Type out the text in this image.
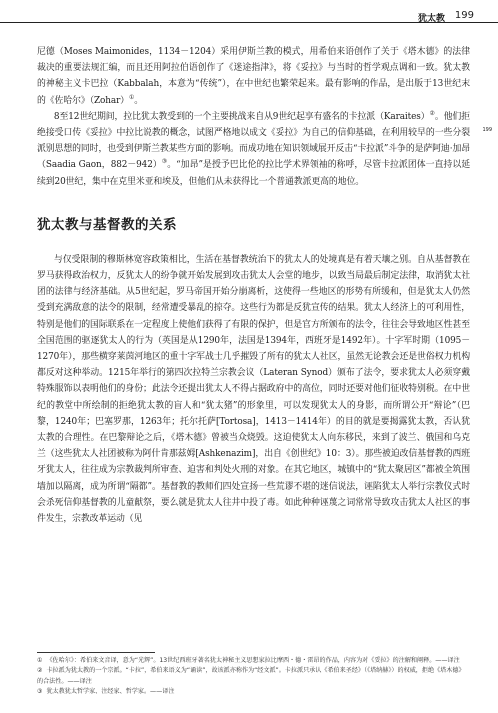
犹太教 199
199

尼德（Moses Maimonides，1134－1204）采用伊斯兰教的模式，用希伯来语创作了关于《塔木德》的法律裁决的重要法规汇编，而且还用阿拉伯语创作了《迷途指津》，将《妥拉》与当时的哲学观点调和一致。犹太教的神秘主义卡巴拉（Kabbalah，本意为“传统”），在中世纪也繁荣起来。最有影响的作品，是出版于13世纪末的《佐哈尔》（Zohar）①。

8至12世纪期间，拉比犹太教受到的一个主要挑战来自从9世纪起享有盛名的卡拉派（Karaites）②。他们拒绝接受口传《妥拉》中拉比说教的概念，试图严格地以成文《妥拉》为自己的信仰基础，在利用较早的一些分裂派别思想的同时，也受到伊斯兰教某些方面的影响。而成功地在知识领域展开反击“卡拉派”斗争的是萨阿迪·加昂（Saadia Gaon，882－942）③。“加昂”是授予巴比伦的拉比学术界领袖的称呼，尽管卡拉派团体一直持以延续到20世纪，集中在克里米亚和埃及，但他们从未获得比一个普通教派更高的地位。

犹太教与基督教的关系

与仅受限制的穆斯林宽容政策相比，生活在基督教统治下的犹太人的处境真是有着天壤之别。自从基督教在罗马获得政治权力，反犹太人的纷争就开始发展到攻击犹太人会堂的地步，以致当局最后制定法律，取消犹太社团的法律与经济基础。从5世纪起，罗马帝国开始分崩离析，这使得一些地区的形势有所缓和，但是犹太人仍然受到充满敌意的法令的限制，经常遭受暴乱的掠夺。这些行为都是反犹宣传的结果。犹太人经济上的可利用性，特别是他们的国际联系在一定程度上使他们获得了有限的保护，但是官方所颁布的法令，往往会导致地区性甚至全国范围的驱逐犹太人的行为（英国是从1290年，法国是1394年，西班牙是1492年）。十字军时期（1095－1270年），那些横穿莱茵河地区的重十字军战士几乎摧毁了所有的犹太人社区，虽然无论教会还是世俗权力机构都反对这种举动。1215年举行的第四次拉特兰宗教会议（Lateran Synod）颁布了法令，要求犹太人必须穿戴特殊服饰以表明他们的身份；此法令还提出犹太人不得占据政府中的高位，同时还要对他们征收特别税。在中世纪的教堂中所绘制的拒绝犹太教的盲人和“犹太猪”的形象里，可以发现犹太人的身影，而所谓公开“辩论”（巴黎，1240年；巴塞罗那，1263年；托尔托萨[Tortosa]，1413－1414年）的目的就是要揭露犹太教，否认犹太教的合理性。在巴黎辩论之后，《塔木德》曾被当众烧毁。这迫使犹太人向东移民，来到了波兰、俄国和乌克兰（这些犹太人社团被称为阿什肯那兹姆[Ashkenazim]，出自《创世纪》10：3）。那些被迫改信基督教的西班牙犹太人，往往成为宗教裁判所审查、迫害和判处火刑的对象。在其它地区，城镇中的“犹太聚居区”都被全筑围墙加以隔离，成为所谓“隔都”。基督教的教师们四处宣扬一些荒谬不堪的迷信说法，诬陷犹太人举行宗教仪式时会杀死信仰基督教的儿童献祭，要么就是犹太人往井中投了毒。如此种种诬蔑之词常常导致攻击犹太人社区的事件发生，宗教改革运动（见

① 《佐哈尔》：希伯来文音译，意为“光辉”。13世纪西班牙著名犹太神秘主义思想家拉比摩西・德・雷昂的作品，内容为对《妥拉》的注解和阐释。——译注

② 卡拉派为犹太教的一个宗派。“卡拉”，希伯来语义为“诵读”，故该派亦称作为“经文派”。卡拉派只承认《希伯来圣经》（《塔纳赫》）的权威，拒绝《塔木德》的合法性。——译注

③ 犹太教犹太哲学家、注经家、哲学家。——译注
